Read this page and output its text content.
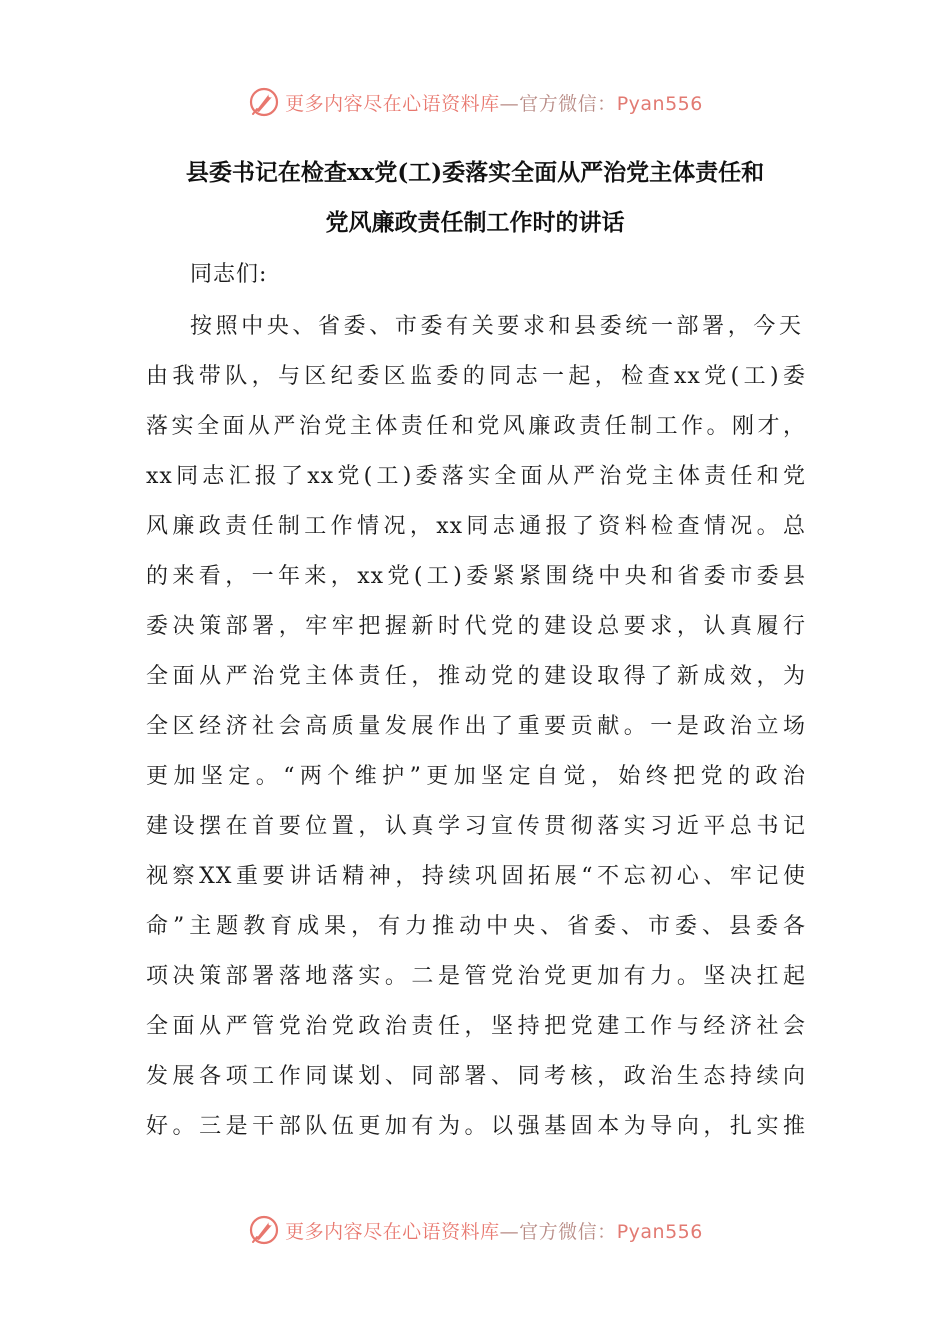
更多内容尽在心语资料库—官方微信：Pyan556
县委书记在检查xx党(工)委落实全面从严治党主体责任和
党风廉政责任制工作时的讲话
同志们:
按照中央、省委、市委有关要求和县委统一部署，今天
由我带队，与区纪委区监委的同志一起，检查xx党(工)委
落实全面从严治党主体责任和党风廉政责任制工作。刚才，
xx同志汇报了xx党(工)委落实全面从严治党主体责任和党
风廉政责任制工作情况，xx同志通报了资料检查情况。总
的来看，一年来，xx党(工)委紧紧围绕中央和省委市委县
委决策部署，牢牢把握新时代党的建设总要求，认真履行
全面从严治党主体责任，推动党的建设取得了新成效，为
全区经济社会高质量发展作出了重要贡献。一是政治立场
更加坚定。“两个维护”更加坚定自觉，始终把党的政治
建设摆在首要位置，认真学习宣传贯彻落实习近平总书记
视察XX重要讲话精神，持续巩固拓展“不忘初心、牢记使
命”主题教育成果，有力推动中央、省委、市委、县委各
项决策部署落地落实。二是管党治党更加有力。坚决扛起
全面从严管党治党政治责任，坚持把党建工作与经济社会
发展各项工作同谋划、同部署、同考核，政治生态持续向
好。三是干部队伍更加有为。以强基固本为导向，扎实推
更多内容尽在心语资料库—官方微信：Pyan556
